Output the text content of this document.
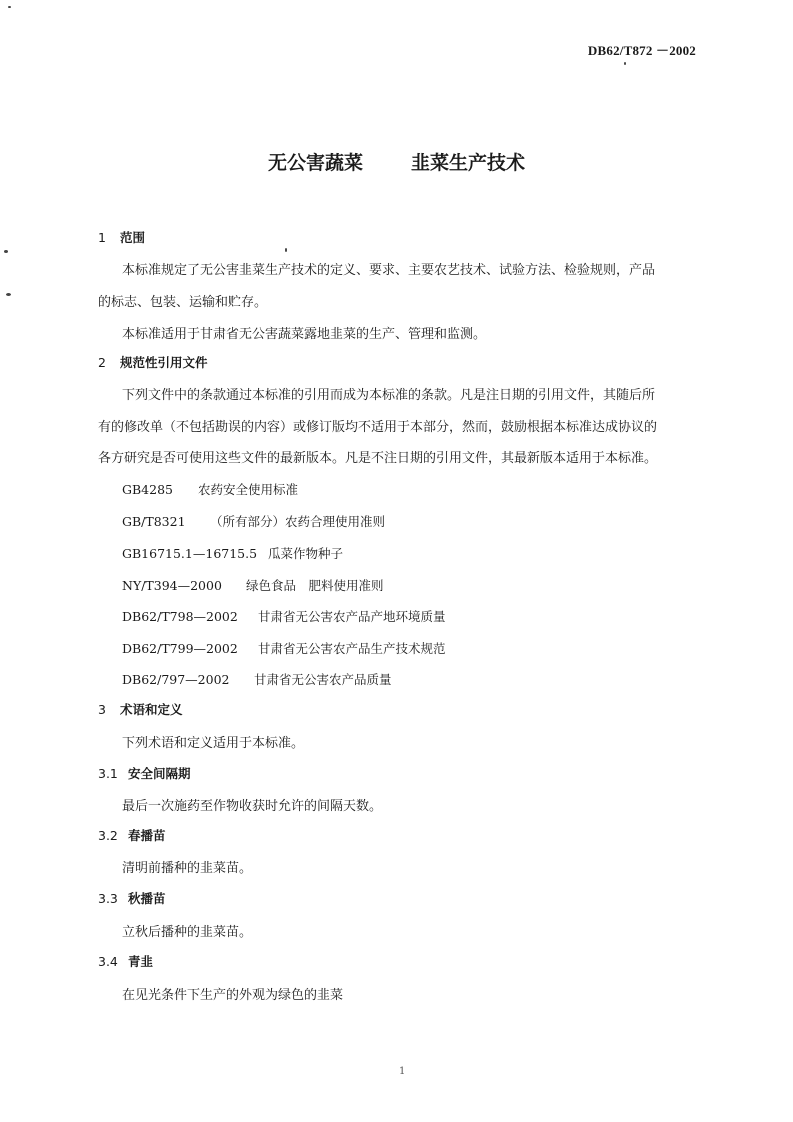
DB62/T872 －2002
无公害蔬菜	韭菜生产技术
1 范围
本标准规定了无公害韭菜生产技术的定义、要求、主要农艺技术、试验方法、检验规则，产品
的标志、包装、运输和贮存。
本标准适用于甘肃省无公害蔬菜露地韭菜的生产、管理和监测。
2 规范性引用文件
下列文件中的条款通过本标准的引用而成为本标准的条款。凡是注日期的引用文件，其随后所
有的修改单（不包括勘误的内容）或修订版均不适用于本部分，然而，鼓励根据本标准达成协议的
各方研究是否可使用这些文件的最新版本。凡是不注日期的引用文件，其最新版本适用于本标准。
GB4285 农药安全使用标准
GB/T8321 （所有部分）农药合理使用准则
GB16715.1—16715.5 瓜菜作物种子
NY/T394—2000 绿色食品　肥料使用准则
DB62/T798—2002 甘肃省无公害农产品产地环境质量
DB62/T799—2002 甘肃省无公害农产品生产技术规范
DB62/797—2002 甘肃省无公害农产品质量
3 术语和定义
下列术语和定义适用于本标准。
3.1 安全间隔期
最后一次施药至作物收获时允许的间隔天数。
3.2 春播苗
清明前播种的韭菜苗。
3.3 秋播苗
立秋后播种的韭菜苗。
3.4 青韭
在见光条件下生产的外观为绿色的韭菜
1
